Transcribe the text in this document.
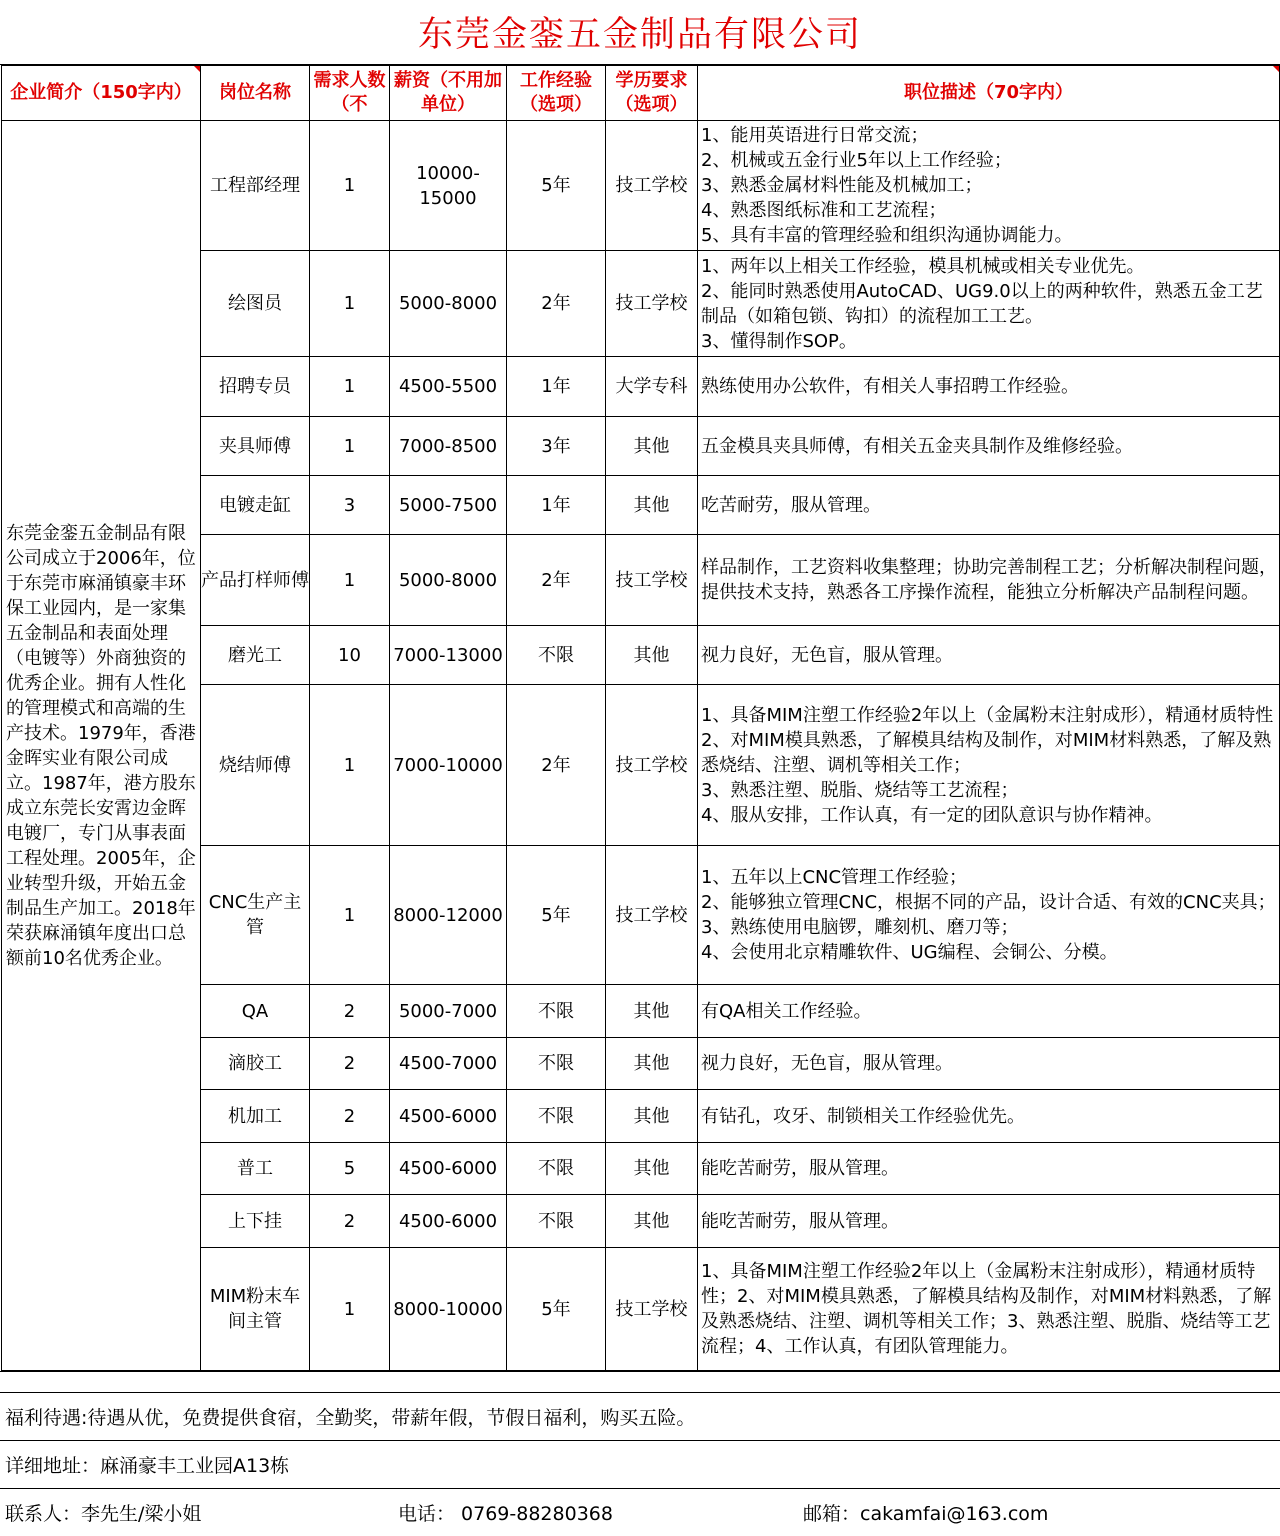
东莞金銮五金制品有限公司
企业简介（150字内）	岗位名称	需求人数（不	薪资（不用加单位）	工作经验（选项）	学历要求（选项）	职位描述（70字内）
东莞金銮五金制品有限公司成立于2006年，位于东莞市麻涌镇豪丰环保工业园内，是一家集五金制品和表面处理（电镀等）外商独资的优秀企业。拥有人性化的管理模式和高端的生产技术。1979年，香港金晖实业有限公司成立。1987年，港方股东成立东莞长安霄边金晖电镀厂，专门从事表面工程处理。2005年，企业转型升级，开始五金制品生产加工。2018年荣获麻涌镇年度出口总额前10名优秀企业。	工程部经理	1	10000-15000	5年	技工学校	1、能用英语进行日常交流；
2、机械或五金行业5年以上工作经验；
3、熟悉金属材料性能及机械加工；
4、熟悉图纸标准和工艺流程；
5、具有丰富的管理经验和组织沟通协调能力。

	绘图员	1	5000-8000	2年	技工学校	1、两年以上相关工作经验，模具机械或相关专业优先。
2、能同时熟悉使用AutoCAD、UG9.0以上的两种软件，熟悉五金工艺制品（如箱包锁、钩扣）的流程加工工艺。
3、懂得制作SOP。

	招聘专员	1	4500-5500	1年	大学专科	熟练使用办公软件，有相关人事招聘工作经验。

	夹具师傅	1	7000-8500	3年	其他	五金模具夹具师傅，有相关五金夹具制作及维修经验。

	电镀走缸	3	5000-7500	1年	其他	吃苦耐劳，服从管理。

	产品打样师傅	1	5000-8000	2年	技工学校	样品制作，工艺资料收集整理；协助完善制程工艺；分析解决制程问题，提供技术支持，熟悉各工序操作流程，能独立分析解决产品制程问题。

	磨光工	10	7000-13000	不限	其他	视力良好，无色盲，服从管理。

	烧结师傅	1	7000-10000	2年	技工学校	1、具备MIM注塑工作经验2年以上（金属粉末注射成形），精通材质特性
2、对MIM模具熟悉，了解模具结构及制作，对MIM材料熟悉，了解及熟悉烧结、注塑、调机等相关工作；
3、熟悉注塑、脱脂、烧结等工艺流程；
4、服从安排，工作认真，有一定的团队意识与协作精神。

	CNC生产主管	1	8000-12000	5年	技工学校	1、五年以上CNC管理工作经验；
2、能够独立管理CNC，根据不同的产品，设计合适、有效的CNC夹具；
3、熟练使用电脑锣，雕刻机、磨刀等；
4、会使用北京精雕软件、UG编程、会铜公、分模。

	QA	2	5000-7000	不限	其他	有QA相关工作经验。

	滴胶工	2	4500-7000	不限	其他	视力良好，无色盲，服从管理。

	机加工	2	4500-6000	不限	其他	有钻孔，攻牙、制锁相关工作经验优先。

	普工	5	4500-6000	不限	其他	能吃苦耐劳，服从管理。

	上下挂	2	4500-6000	不限	其他	能吃苦耐劳，服从管理。

	MIM粉末车间主管	1	8000-10000	5年	技工学校	1、具备MIM注塑工作经验2年以上（金属粉末注射成形），精通材质特性；2、对MIM模具熟悉，了解模具结构及制作，对MIM材料熟悉，了解及熟悉烧结、注塑、调机等相关工作；3、熟悉注塑、脱脂、烧结等工艺流程；4、工作认真，有团队管理能力。
福利待遇:待遇从优，免费提供食宿，全勤奖，带薪年假，节假日福利，购买五险。
详细地址：麻涌豪丰工业园A13栋
联系人：李先生/梁小姐	电话： 0769-88280368	邮箱：cakamfai@163.com
